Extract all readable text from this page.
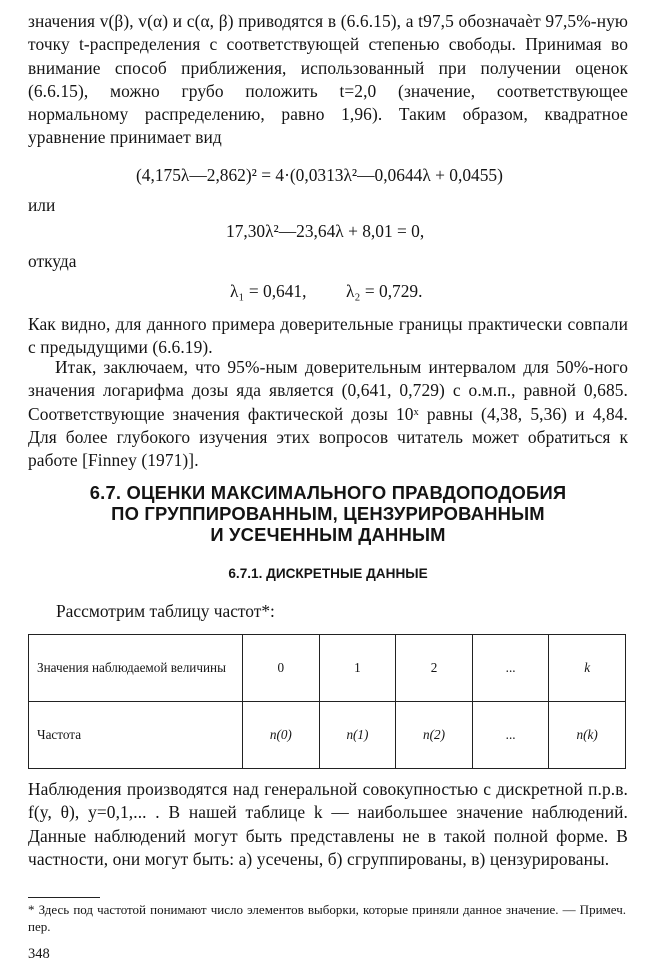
значения v(β), v(α) и c(α, β) приводятся в (6.6.15), а t97,5 обозначаѐт 97,5%-ную точку t-распределения с соответствующей степенью свободы. Принимая во внимание способ приближения, использованный при получении оценок (6.6.15), можно грубо положить t=2,0 (значение, соответствующее нормальному распределению, равно 1,96). Таким образом, квадратное уравнение принимает вид

(4,175λ—2,862)² = 4·(0,0313λ²—0,0644λ + 0,0455)
или
17,30λ²—23,64λ + 8,01 = 0,
откуда
λ₁ = 0,641, λ₂ = 0,729.

Как видно, для данного примера доверительные границы практически совпали с предыдущими (6.6.19).

Итак, заключаем, что 95%-ным доверительным интервалом для 50%-ного значения логарифма дозы яда является (0,641, 0,729) с о.м.п., равной 0,685. Соответствующие значения фактической дозы 10ˣ равны (4,38, 5,36) и 4,84. Для более глубокого изучения этих вопросов читатель может обратиться к работе [Finney (1971)].

6.7. ОЦЕНКИ МАКСИМАЛЬНОГО ПРАВДОПОДОБИЯ

ПО ГРУППИРОВАННЫМ, ЦЕНЗУРИРОВАННЫМ

И УСЕЧЕННЫМ ДАННЫМ

6.7.1. ДИСКРЕТНЫЕ ДАННЫЕ

Рассмотрим таблицу частот*:
Значения наблюдаемой величины	0	1	2	...	k
Частота	n(0)	n(1)	n(2)	...	n(k)

Наблюдения производятся над генеральной совокупностью с дискретной п.р.в. f(y, θ), y=0,1,... . В нашей таблице k — наибольшее значение наблюдений. Данные наблюдений могут быть представлены не в такой полной форме. В частности, они могут быть: а) усечены, б) сгруппированы, в) цензурированы.

* Здесь под частотой понимают число элементов выборки, которые приняли данное значение. — Примеч. пер.

348
